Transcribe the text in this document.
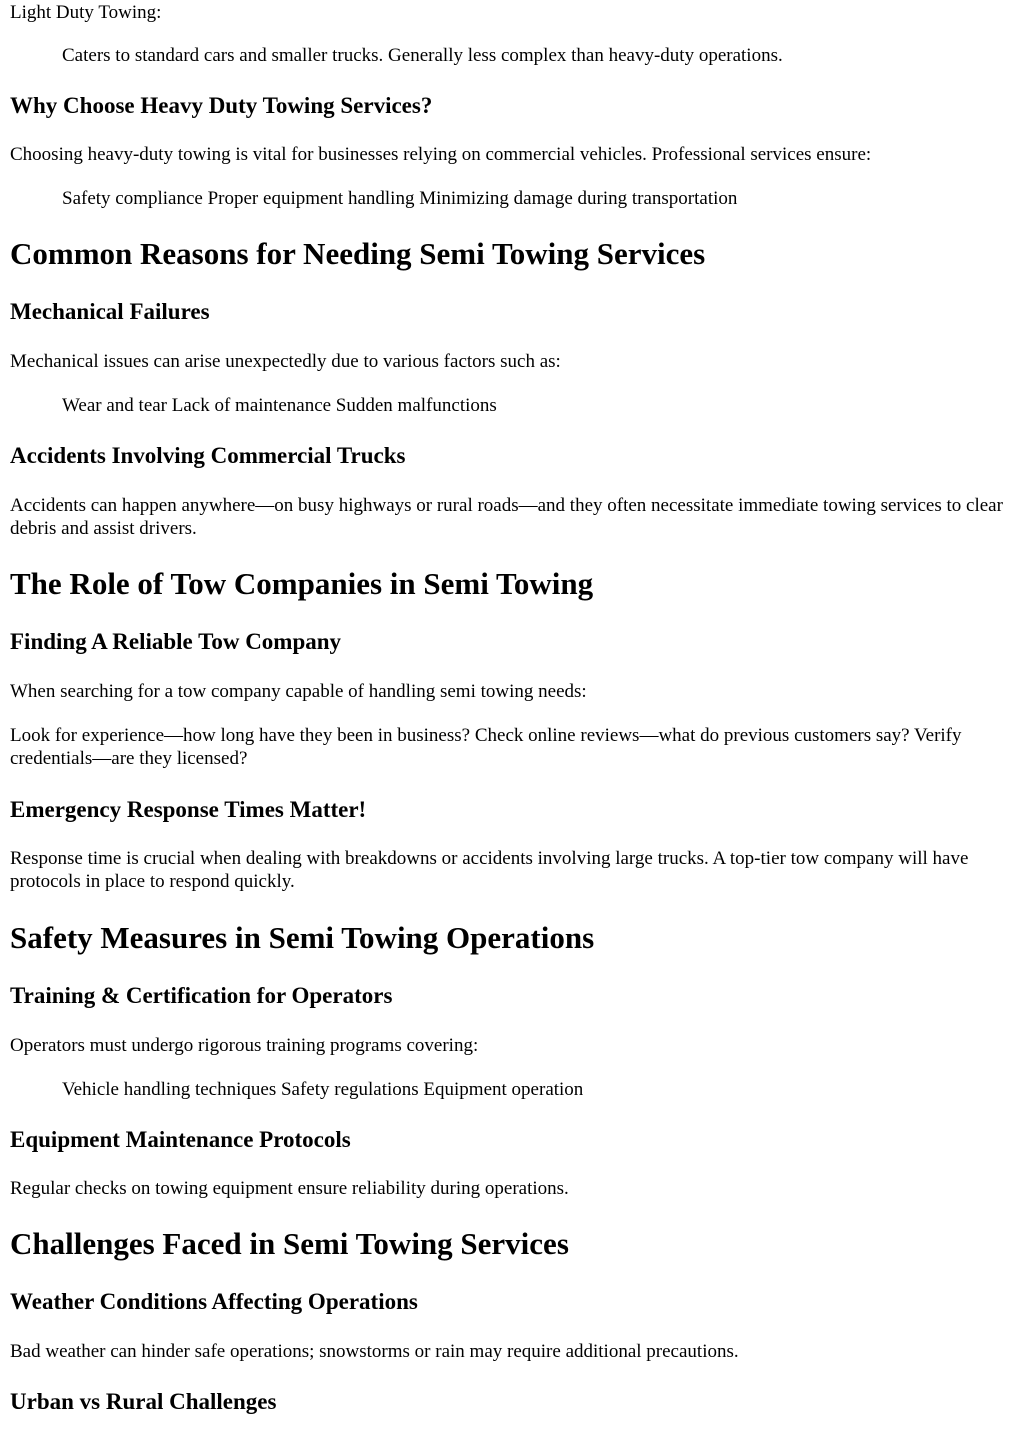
Light Duty Towing:

Caters to standard cars and smaller trucks. Generally less complex than heavy-duty operations.

Why Choose Heavy Duty Towing Services?

Choosing heavy-duty towing is vital for businesses relying on commercial vehicles. Professional services ensure:

Safety compliance Proper equipment handling Minimizing damage during transportation

Common Reasons for Needing Semi Towing Services
Mechanical Failures

Mechanical issues can arise unexpectedly due to various factors such as:

Wear and tear Lack of maintenance Sudden malfunctions

Accidents Involving Commercial Trucks

Accidents can happen anywhere—on busy highways or rural roads—and they often necessitate immediate towing services to clear debris and assist drivers.

The Role of Tow Companies in Semi Towing
Finding A Reliable Tow Company

When searching for a tow company capable of handling semi towing needs:

Look for experience—how long have they been in business? Check online reviews—what do previous customers say? Verify credentials—are they licensed?

Emergency Response Times Matter!

Response time is crucial when dealing with breakdowns or accidents involving large trucks. A top-tier tow company will have protocols in place to respond quickly.

Safety Measures in Semi Towing Operations
Training & Certification for Operators

Operators must undergo rigorous training programs covering:

Vehicle handling techniques Safety regulations Equipment operation

Equipment Maintenance Protocols

Regular checks on towing equipment ensure reliability during operations.

Challenges Faced in Semi Towing Services
Weather Conditions Affecting Operations

Bad weather can hinder safe operations; snowstorms or rain may require additional precautions.

Urban vs Rural Challenges
